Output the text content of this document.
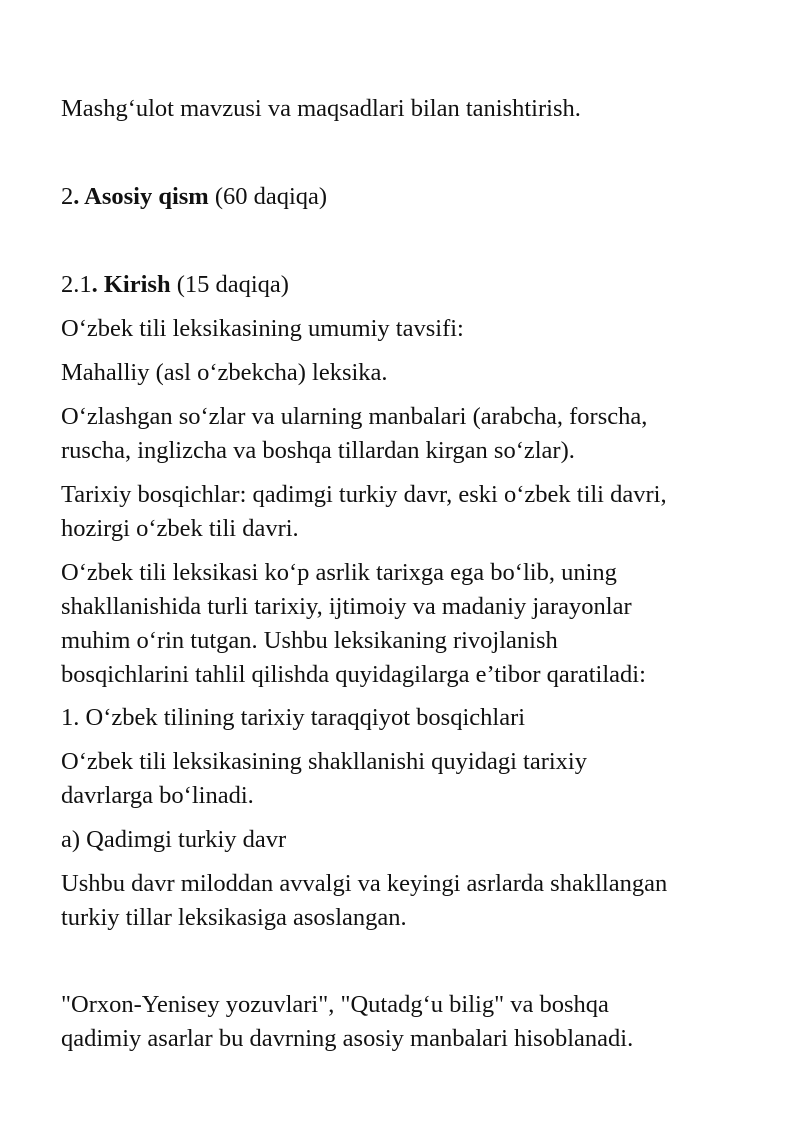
Mashg‘ulot mavzusi va maqsadlari bilan tanishtirish.
2. Asosiy qism (60 daqiqa)
2.1. Kirish (15 daqiqa)
O‘zbek tili leksikasining umumiy tavsifi:
Mahalliy (asl o‘zbekcha) leksika.
O‘zlashgan so‘zlar va ularning manbalari (arabcha, forscha,
ruscha, inglizcha va boshqa tillardan kirgan so‘zlar).
Tarixiy bosqichlar: qadimgi turkiy davr, eski o‘zbek tili davri,
hozirgi o‘zbek tili davri.
O‘zbek tili leksikasi ko‘p asrlik tarixga ega bo‘lib, uning
shakllanishida turli tarixiy, ijtimoiy va madaniy jarayonlar
muhim o‘rin tutgan. Ushbu leksikaning rivojlanish
bosqichlarini tahlil qilishda quyidagilarga e’tibor qaratiladi:
1. O‘zbek tilining tarixiy taraqqiyot bosqichlari
O‘zbek tili leksikasining shakllanishi quyidagi tarixiy
davrlarga bo‘linadi.
a) Qadimgi turkiy davr
Ushbu davr miloddan avvalgi va keyingi asrlarda shakllangan
turkiy tillar leksikasiga asoslangan.
"Orxon-Yenisey yozuvlari", "Qutadg‘u bilig" va boshqa
qadimiy asarlar bu davrning asosiy manbalari hisoblanadi.
